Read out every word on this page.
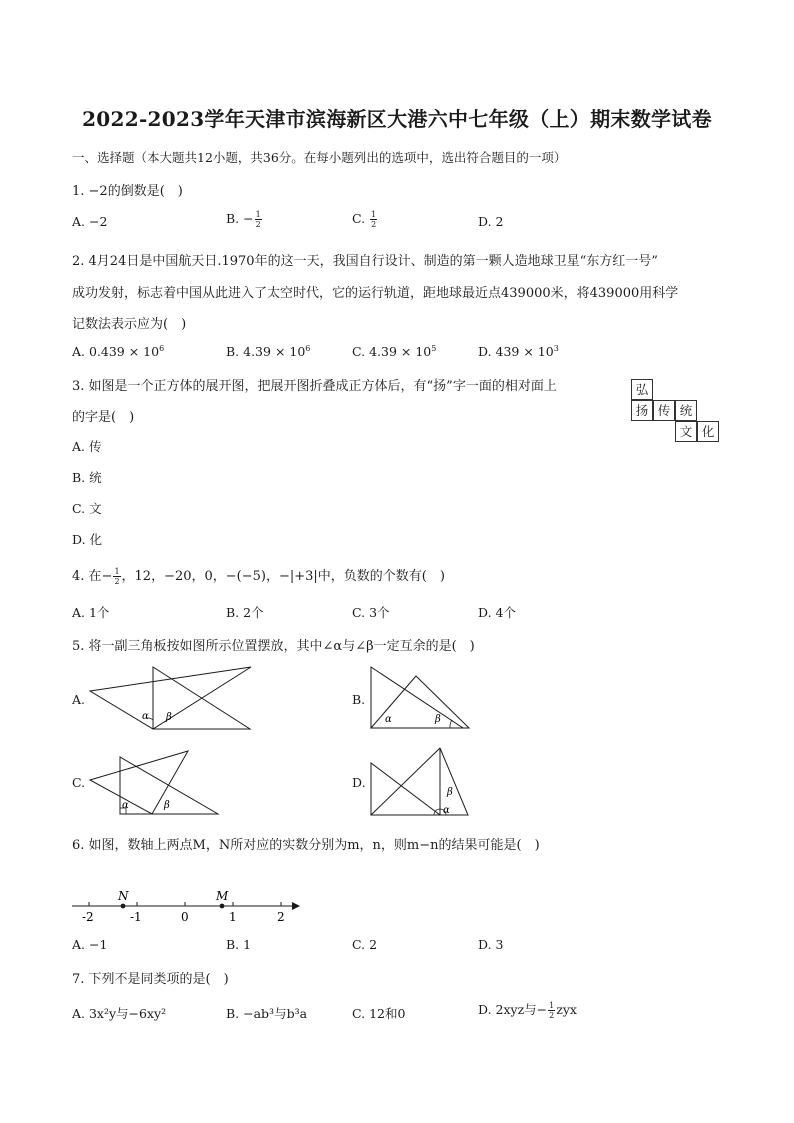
2022-2023学年天津市滨海新区大港六中七年级（上）期末数学试卷
一、选择题（本大题共12小题，共36分。在每小题列出的选项中，选出符合题目的一项）
1. −2的倒数是(　)
A. −2	B. − $\frac{1}{2}$	C. $\frac{1}{2}$	D. 2
2. 4月24日是中国航天日.1970年的这一天，我国自行设计、制造的第一颗人造地球卫星“东方红一号”
成功发射，标志着中国从此进入了太空时代，它的运行轨道，距地球最近点439000米，将439000用科学
记数法表示应为(　)
A. $0.439 \times 10^6$	B. $4.39 \times 10^6$	C. $4.39 \times 10^5$	D. $439 \times 10^3$
3. 如图是一个正方体的展开图，把展开图折叠成正方体后，有“扬”字一面的相对面上
的字是(　)
A. 传
B. 统
C. 文
D. 化
弘
扬 传 统
文 化
4. 在− $\frac{1}{2}$ ，12，−20，0，−(−5)，−|+3|中，负数的个数有(　)
A. 1个	B. 2个	C. 3个	D. 4个
5. 将一副三角板按如图所示位置摆放，其中∠α与∠β一定互余的是(　)
A.
α β
B.
α	β
C.
α	β
D.
α
β
6. 如图，数轴上两点M，N所对应的实数分别为m，n，则m−n的结果可能是(　)
N	M
-2	-1	0	1	2
A. −1	B. 1	C. 2	D. 3
7. 下列不是同类项的是(　)
A. 3x²y与−6xy²	B. −ab³与b³a	C. 12和0	D. 2xyz与− $\frac{1}{2}$ zyx
